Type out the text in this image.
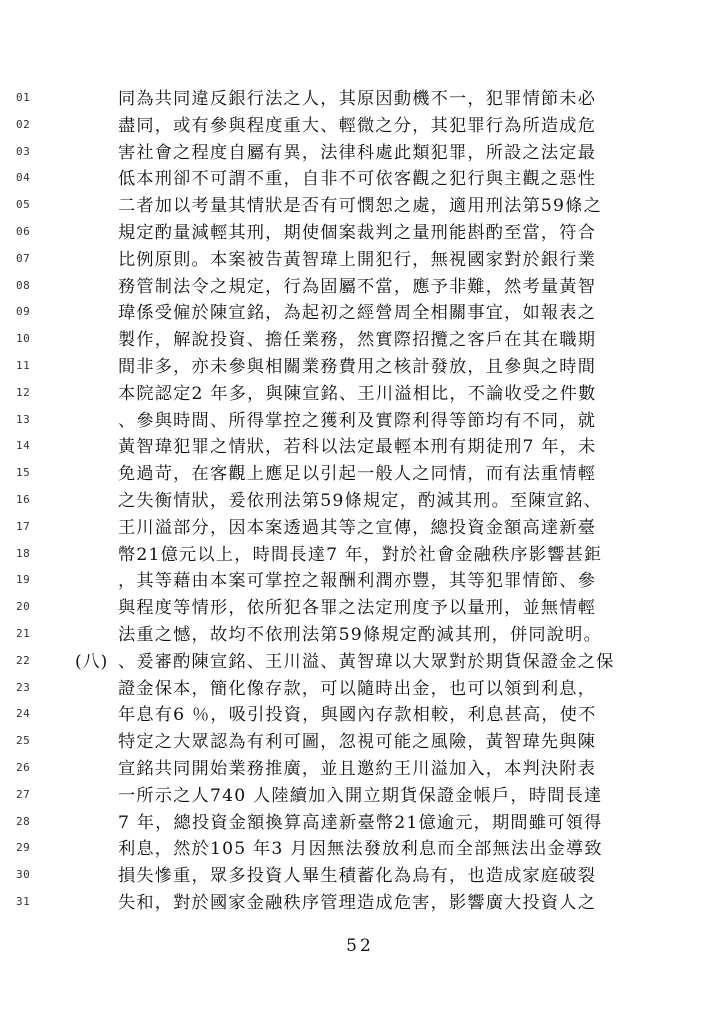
01	同為共同違反銀行法之人，其原因動機不一，犯罪情節未必
02	盡同，或有參與程度重大、輕微之分，其犯罪行為所造成危
03	害社會之程度自屬有異，法律科處此類犯罪，所設之法定最
04	低本刑卻不可謂不重，自非不可依客觀之犯行與主觀之惡性
05	二者加以考量其情狀是否有可憫恕之處，適用刑法第59條之
06	規定酌量減輕其刑，期使個案裁判之量刑能斟酌至當，符合
07	比例原則。本案被告黃智瑋上開犯行，無視國家對於銀行業
08	務管制法令之規定，行為固屬不當，應予非難，然考量黃智
09	瑋係受僱於陳宣銘，為起初之經營周全相關事宜，如報表之
10	製作，解說投資、擔任業務，然實際招攬之客戶在其在職期
11	間非多，亦未參與相關業務費用之核計發放，且參與之時間
12	本院認定2 年多，與陳宣銘、王川溢相比，不論收受之件數
13	、參與時間、所得掌控之獲利及實際利得等節均有不同，就
14	黃智瑋犯罪之情狀，若科以法定最輕本刑有期徒刑7 年，未
15	免過苛，在客觀上應足以引起一般人之同情，而有法重情輕
16	之失衡情狀，爰依刑法第59條規定，酌減其刑。至陳宣銘、
17	王川溢部分，因本案透過其等之宣傳，總投資金額高達新臺
18	幣21億元以上，時間長達7 年，對於社會金融秩序影響甚鉅
19	，其等藉由本案可掌控之報酬利潤亦豐，其等犯罪情節、參
20	與程度等情形，依所犯各罪之法定刑度予以量刑，並無情輕
21	法重之憾，故均不依刑法第59條規定酌減其刑，併同說明。
22	(八) 、爰審酌陳宣銘、王川溢、黃智瑋以大眾對於期貨保證金之保
23	證金保本，簡化像存款，可以隨時出金，也可以領到利息，
24	年息有6 ％，吸引投資，與國內存款相較，利息甚高，使不
25	特定之大眾認為有利可圖，忽視可能之風險，黃智瑋先與陳
26	宣銘共同開始業務推廣，並且邀約王川溢加入，本判決附表
27	一所示之人740 人陸續加入開立期貨保證金帳戶，時間長達
28	7 年，總投資金額換算高達新臺幣21億逾元，期間雖可領得
29	利息，然於105 年3 月因無法發放利息而全部無法出金導致
30	損失慘重，眾多投資人畢生積蓄化為烏有，也造成家庭破裂
31	失和，對於國家金融秩序管理造成危害，影響廣大投資人之
52
